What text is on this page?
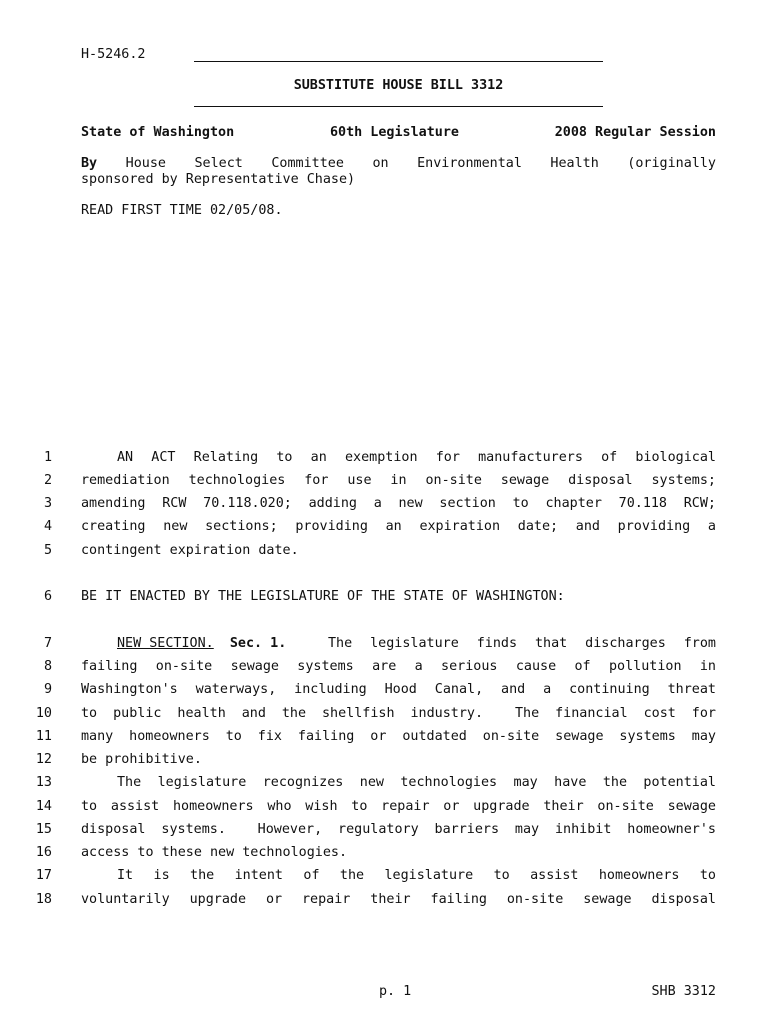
H-5246.2
SUBSTITUTE HOUSE BILL 3312
State of Washington	60th Legislature	2008 Regular Session
By House Select Committee on Environmental Health (originally
sponsored by Representative Chase)
READ FIRST TIME 02/05/08.
1	AN ACT Relating to an exemption for manufacturers of biological
2 remediation technologies for use in on-site sewage disposal systems;
3 amending RCW 70.118.020; adding a new section to chapter 70.118 RCW;
4 creating new sections; providing an expiration date; and providing a
5 contingent expiration date.
6 BE IT ENACTED BY THE LEGISLATURE OF THE STATE OF WASHINGTON:
7	NEW SECTION. Sec. 1.	The legislature finds that discharges from
8 failing on-site sewage systems are a serious cause of pollution in
9 Washington's waterways, including Hood Canal, and a continuing threat
10 to public health and the shellfish industry.  The financial cost for
11 many homeowners to fix failing or outdated on-site sewage systems may
12 be prohibitive.
13	The legislature recognizes new technologies may have the potential
14 to assist homeowners who wish to repair or upgrade their on-site sewage
15 disposal systems.  However, regulatory barriers may inhibit homeowner's
16 access to these new technologies.
17	It is the intent of the legislature to assist homeowners to
18 voluntarily upgrade or repair their failing on-site sewage disposal
p. 1	SHB 3312
